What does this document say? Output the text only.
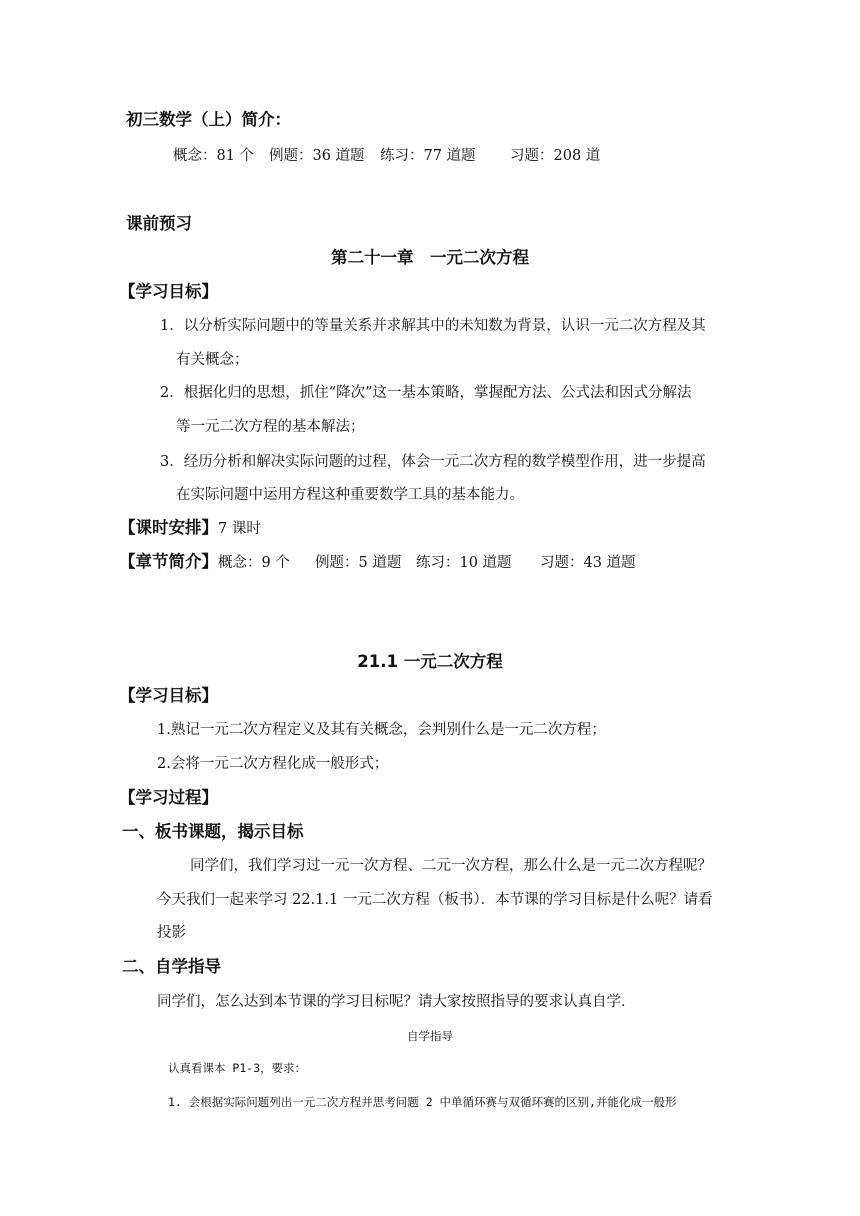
初三数学（上）简介：
概念：81 个 例题：36 道题 练习：77 道题 习题：208 道
课前预习
第二十一章　一元二次方程
【学习目标】
1．以分析实际问题中的等量关系并求解其中的未知数为背景，认识一元二次方程及其
有关概念；
2．根据化归的思想，抓住“降次”这一基本策略，掌握配方法、公式法和因式分解法
等一元二次方程的基本解法；
3．经历分析和解决实际问题的过程，体会一元二次方程的数学模型作用，进一步提高
在实际问题中运用方程这种重要数学工具的基本能力。
【课时安排】7 课时
【章节简介】概念：9 个 例题：5 道题 练习：10 道题 习题：43 道题
21.1 一元二次方程
【学习目标】
1.熟记一元二次方程定义及其有关概念，会判别什么是一元二次方程；
2.会将一元二次方程化成一般形式；
【学习过程】
一、板书课题，揭示目标
同学们，我们学习过一元一次方程、二元一次方程，那么什么是一元二次方程呢？
今天我们一起来学习 22.1.1 一元二次方程（板书）．本节课的学习目标是什么呢？请看
投影
二、自学指导
同学们，怎么达到本节课的学习目标呢？请大家按照指导的要求认真自学．
自学指导
认真看课本 P1-3，要求：
1. 会根据实际问题列出一元二次方程并思考问题 2 中单循环赛与双循环赛的区别,并能化成一般形
